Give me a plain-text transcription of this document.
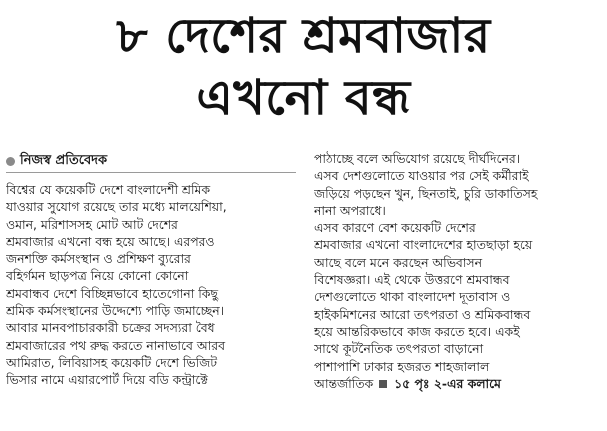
৮ দেশের শ্রমবাজার
এখনো বন্ধ
নিজস্ব প্রতিবেদক
বিশ্বের যে কয়েকটি দেশে বাংলাদেশী শ্রমিক
যাওয়ার সুযোগ রয়েছে তার মধ্যে মালয়েশিয়া,
ওমান, মরিশাসসহ মোট আট দেশের
শ্রমবাজার এখনো বন্ধ হয়ে আছে। এরপরও
জনশক্তি কর্মসংস্থান ও প্রশিক্ষণ ব্যুরোর
বহির্গমন ছাড়পত্র নিয়ে কোনো কোনো
শ্রমবান্ধব দেশে বিচ্ছিন্নভাবে হাতেগোনা কিছু
শ্রমিক কর্মসংস্থানের উদ্দেশ্যে পাড়ি জমাচ্ছেন।
আবার মানবপাচারকারী চক্রের সদস্যরা বৈধ
শ্রমবাজারের পথ রুদ্ধ করতে নানাভাবে আরব
আমিরাত, লিবিয়াসহ কয়েকটি দেশে ভিজিট
ভিসার নামে এয়ারপোর্ট দিয়ে বডি কন্ট্রাক্টে
পাঠাচ্ছে বলে অভিযোগ রয়েছে দীর্ঘদিনের।
এসব দেশগুলোতে যাওয়ার পর সেই কর্মীরাই
জড়িয়ে পড়ছেন খুন, ছিনতাই, চুরি ডাকাতিসহ
নানা অপরাধে।
এসব কারণে বেশ কয়েকটি দেশের
শ্রমবাজার এখনো বাংলাদেশের হাতছাড়া হয়ে
আছে বলে মনে করছেন অভিবাসন
বিশেষজ্ঞরা। এই থেকে উত্তরণে শ্রমবান্ধব
দেশগুলোতে থাকা বাংলাদেশ দূতাবাস ও
হাইকমিশনের আরো তৎপরতা ও শ্রমিকবান্ধব
হয়ে আন্তরিকভাবে কাজ করতে হবে। একই
সাথে কূটনৈতিক তৎপরতা বাড়ানো
পাশাপাশি ঢাকার হজরত শাহজালাল
আন্তর্জাতিক ১৫ পৃঃ ২-এর কলামে
